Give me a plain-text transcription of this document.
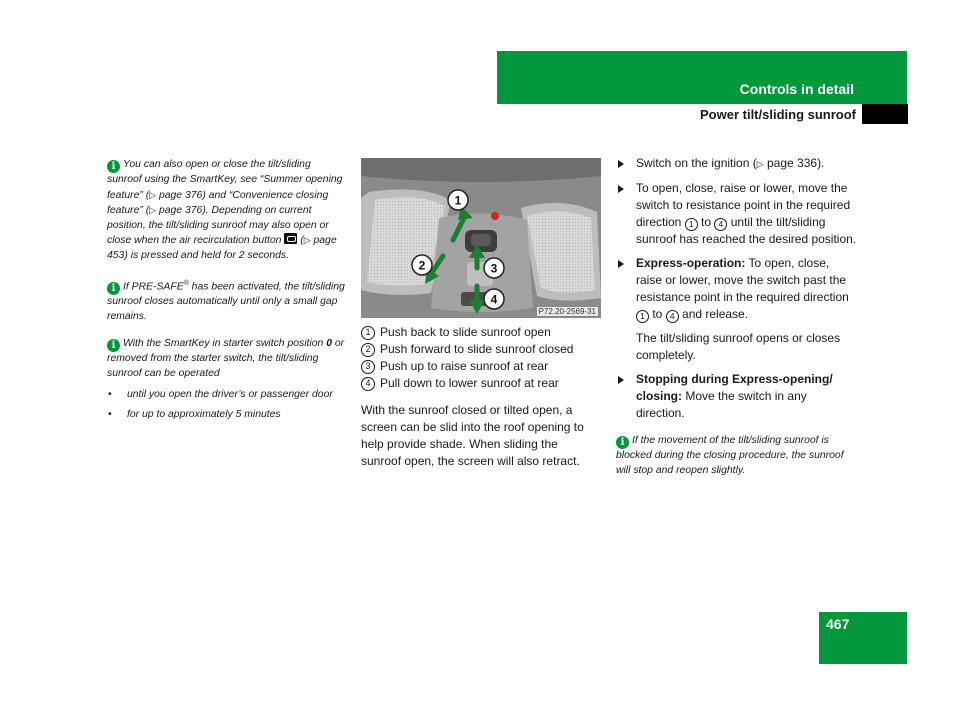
Controls in detail
Power tilt/sliding sunroof
i You can also open or close the tilt/sliding sunroof using the SmartKey, see “Summer opening feature” (▷ page 376) and “Convenience closing feature” (▷ page 376). Depending on current position, the tilt/sliding sunroof may also open or close when the air recirculation button  (▷ page 453) is pressed and held for 2 seconds.
i If PRE-SAFE® has been activated, the tilt/sliding sunroof closes automatically until only a small gap remains.
i With the SmartKey in starter switch position 0 or removed from the starter switch, the tilt/sliding sunroof can be operated
• until you open the driver’s or passenger door
• for up to approximately 5 minutes
1
2	3
4
P72.20-2569-31
1 Push back to slide sunroof open
2 Push forward to slide sunroof closed
3 Push up to raise sunroof at rear
4 Pull down to lower sunroof at rear

With the sunroof closed or tilted open, a screen can be slid into the roof opening to help provide shade. When sliding the sunroof open, the screen will also retract.

Switch on the ignition (▷ page 336).
To open, close, raise or lower, move the switch to resistance point in the required direction 1 to 4 until the tilt/sliding sunroof has reached the desired position.
Express-operation: To open, close, raise or lower, move the switch past the resistance point in the required direction 1 to 4 and release.
The tilt/sliding sunroof opens or closes completely.
Stopping during Express-opening/ closing: Move the switch in any direction.
i If the movement of the tilt/sliding sunroof is blocked during the closing procedure, the sunroof will stop and reopen slightly.
467
